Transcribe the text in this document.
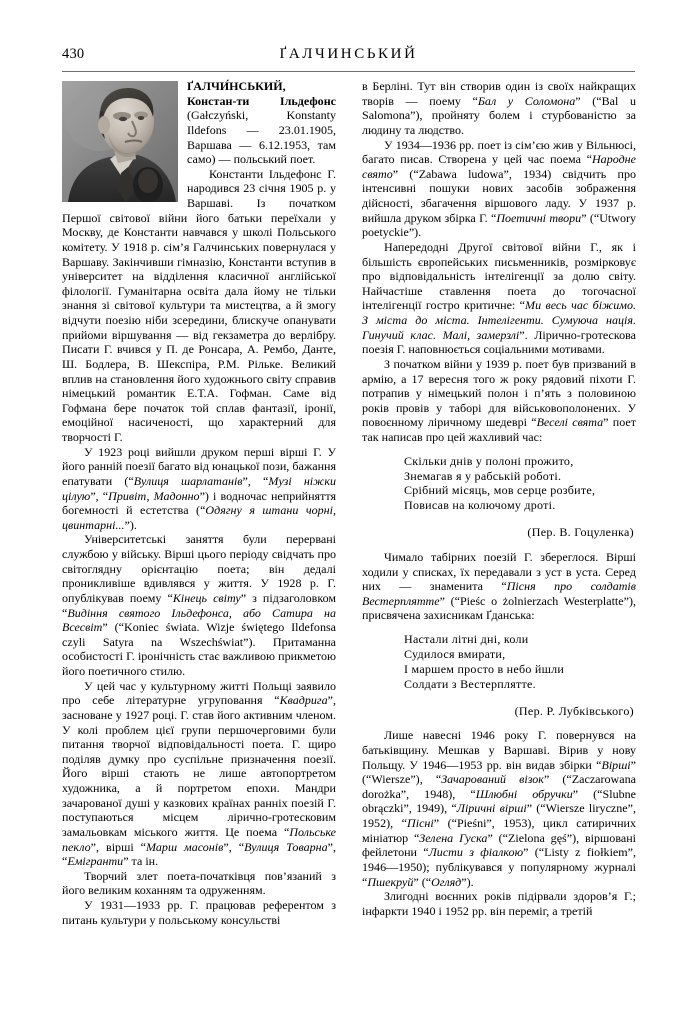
430	ҐАЛЧИНСЬКИЙ

ҐАЛЧИ́НСЬКИЙ, Констан-ти Ільдефонс (Gałczyński, Konstanty Ildefons — 23.01.1905, Варшава — 6.12.1953, там само) — польський поет.

Константи Ільдефонс Г. народився 23 січня 1905 р. у Варшаві. Із початком Першої світової війни його батьки переїхали у Москву, де Константи навчався у школі Польського комітету. У 1918 р. сім’я Галчинських повернулася у Варшаву. Закінчивши гімназію, Константи вступив в університет на відділення класичної англійської філології. Гуманітарна освіта дала йому не тільки знання зі світової культури та мистецтва, а й змогу відчути поезію ніби зсередини, блискуче опанувати прийоми віршування — від гекзаметра до верлібру. Писати Г. вчився у П. де Ронсара, А. Рембо, Данте, Ш. Бодлера, В. Шекспіра, Р.М. Рільке. Великий вплив на становлення його художнього світу справив німецький романтик Е.Т.А. Гофман. Саме від Гофмана бере початок той сплав фантазії, іронії, емоційної насиченості, що характерний для творчості Г.

У 1923 році вийшли друком перші вірші Г. У його ранній поезії багато від юнацької пози, бажання епатувати (“Вулиця шарлатанів”, “Музі ніжки цілую”, “Привіт, Мадонно”) і водночас неприйняття богемності й естетства (“Одягну я штани чорні, цвинтарні...”).

Університетські заняття були перервані службою у війську. Вірші цього періоду свідчать про світоглядну орієнтацію поета; він дедалі проникливіше вдивлявся у життя. У 1928 р. Г. опублікував поему “Кінець світу” з підзаголовком “Видіння святого Ільдефонса, або Сатира на Всесвіт” (“Koniec świata. Wizje świętego Ildefonsa czyli Satyra na Wszechświat”). Притаманна особистості Г. іронічність стає важливою прикметою його поетичного стилю.

У цей час у культурному житті Польщі заявило про себе літературне угруповання “Квадрига”, засноване у 1927 році. Г. став його активним членом. У колі проблем цієї групи першочерговими були питання творчої відповідальності поета. Г. щиро поділяв думку про суспільне призначення поезії. Його вірші стають не лише автопортретом художника, а й портретом епохи. Мандри зачарованої душі у казкових країнах ранніх поезій Г. поступаються місцем лірично-гротесковим замальовкам міського життя. Це поема “Польське пекло”, вірші “Марш масонів”, “Вулиця Товарна”, “Емігранти” та ін.

Творчий злет поета-початківця пов’язаний з його великим коханням та одруженням.

У 1931—1933 рр. Г. працював референтом з питань культури у польському консульстві

в Берліні. Тут він створив один із своїх найкращих творів — поему “Бал у Соломона” (“Bal u Salomona”), пройняту болем і стурбованістю за людину та людство.

У 1934—1936 рр. поет із сім’єю жив у Вільнюсі, багато писав. Створена у цей час поема “Народне свято” (“Zabawa ludowa”, 1934) свідчить про інтенсивні пошуки нових засобів зображення дійсності, збагачення віршового ладу. У 1937 р. вийшла друком збірка Г. “Поетичні твори” (“Utwory poetyckie”).

Напередодні Другої світової війни Г., як і більшість європейських письменників, розмірковує про відповідальність інтелігенції за долю світу. Найчастіше ставлення поета до тогочасної інтелігенції гостро критичне: “Ми весь час біжимо. З міста до міста. Інтелігенти. Сумуюча нація. Гинучий клас. Малі, замерзлі”. Лірично-гротескова поезія Г. наповнюється соціальними мотивами.

З початком війни у 1939 р. поет був призваний в армію, а 17 вересня того ж року рядовий піхоти Г. потрапив у німецький полон і п’ять з половиною років провів у таборі для військовополонених. У повоєнному ліричному шедеврі “Веселі свята” поет так написав про цей жахливий час:

Скільки днів у полоні прожито,
Знемагав я у рабській роботі.
Срібний місяць, мов серце розбите,
Повисав на колючому дроті.
(Пер. В. Гоцуленка)

Чимало табірних поезій Г. збереглося. Вірші ходили у списках, їх передавали з уст в уста. Серед них — знаменита “Пісня про солдатів Вестерплятте” (“Pieśc o żolnierzach Westerplatte”), присвячена захисникам Ґданська:

Настали літні дні, коли
Судилося вмирати,
І маршем просто в небо йшли
Солдати з Вестерплятте.
(Пер. Р. Лубківського)

Лише навесні 1946 року Г. повернувся на батьківщину. Мешкав у Варшаві. Вірив у нову Польщу. У 1946—1953 рр. він видав збірки “Вірші” (“Wiersze”), “Зачарований візок” (“Zaczarowana dorożka”, 1948), “Шлюбні обручки” (“Slubne obrączki”, 1949), “Ліричні вірші” (“Wiersze liryczne”, 1952), “Пісні” (“Pieśni”, 1953), цикл сатиричних мініатюр “Зелена Гуска” (“Zielona gęś”), віршовані фейлетони “Листи з фіалкою” (“Listy z fiołkiem”, 1946—1950); публікувався у популярному журналі “Пшекруй” (“Огляд”).

Злигодні воєнних років підірвали здоров’я Г.; інфаркти 1940 і 1952 рр. він переміг, а третій
